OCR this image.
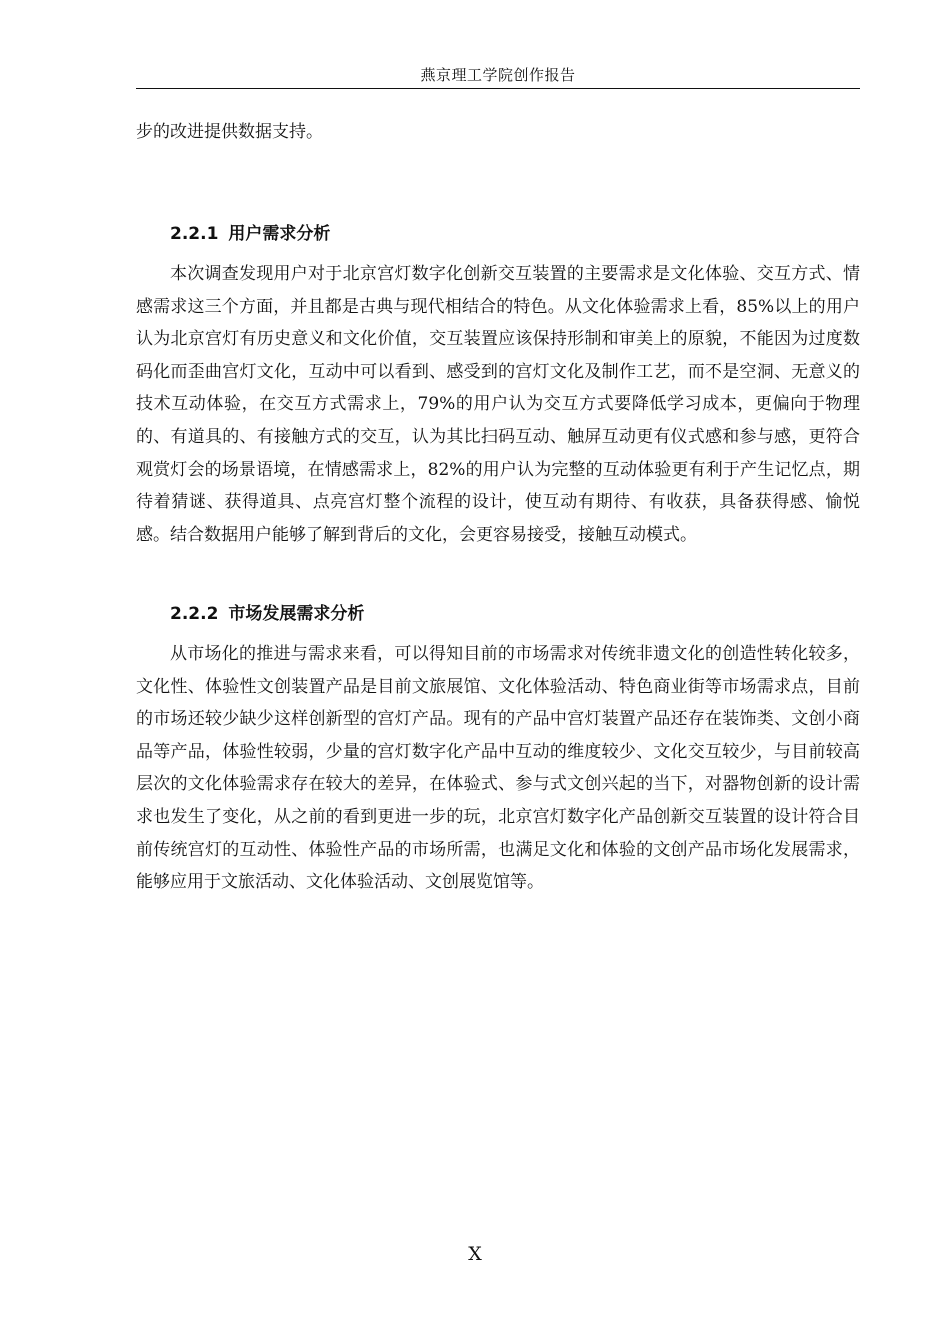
燕京理工学院创作报告

步的改进提供数据支持。

2.2.1 用户需求分析

本次调查发现用户对于北京宫灯数字化创新交互装置的主要需求是文化体验、交互方式、情感需求这三个方面，并且都是古典与现代相结合的特色。从文化体验需求上看，85%以上的用户认为北京宫灯有历史意义和文化价值，交互装置应该保持形制和审美上的原貌，不能因为过度数码化而歪曲宫灯文化，互动中可以看到、感受到的宫灯文化及制作工艺，而不是空洞、无意义的技术互动体验，在交互方式需求上，79%的用户认为交互方式要降低学习成本，更偏向于物理的、有道具的、有接触方式的交互，认为其比扫码互动、触屏互动更有仪式感和参与感，更符合观赏灯会的场景语境，在情感需求上，82%的用户认为完整的互动体验更有利于产生记忆点，期待着猜谜、获得道具、点亮宫灯整个流程的设计，使互动有期待、有收获，具备获得感、愉悦感。结合数据用户能够了解到背后的文化，会更容易接受，接触互动模式。

2.2.2 市场发展需求分析

从市场化的推进与需求来看，可以得知目前的市场需求对传统非遗文化的创造性转化较多，文化性、体验性文创装置产品是目前文旅展馆、文化体验活动、特色商业街等市场需求点，目前的市场还较少缺少这样创新型的宫灯产品。现有的产品中宫灯装置产品还存在装饰类、文创小商品等产品，体验性较弱，少量的宫灯数字化产品中互动的维度较少、文化交互较少，与目前较高层次的文化体验需求存在较大的差异，在体验式、参与式文创兴起的当下，对器物创新的设计需求也发生了变化，从之前的看到更进一步的玩，北京宫灯数字化产品创新交互装置的设计符合目前传统宫灯的互动性、体验性产品的市场所需，也满足文化和体验的文创产品市场化发展需求，能够应用于文旅活动、文化体验活动、文创展览馆等。

X
